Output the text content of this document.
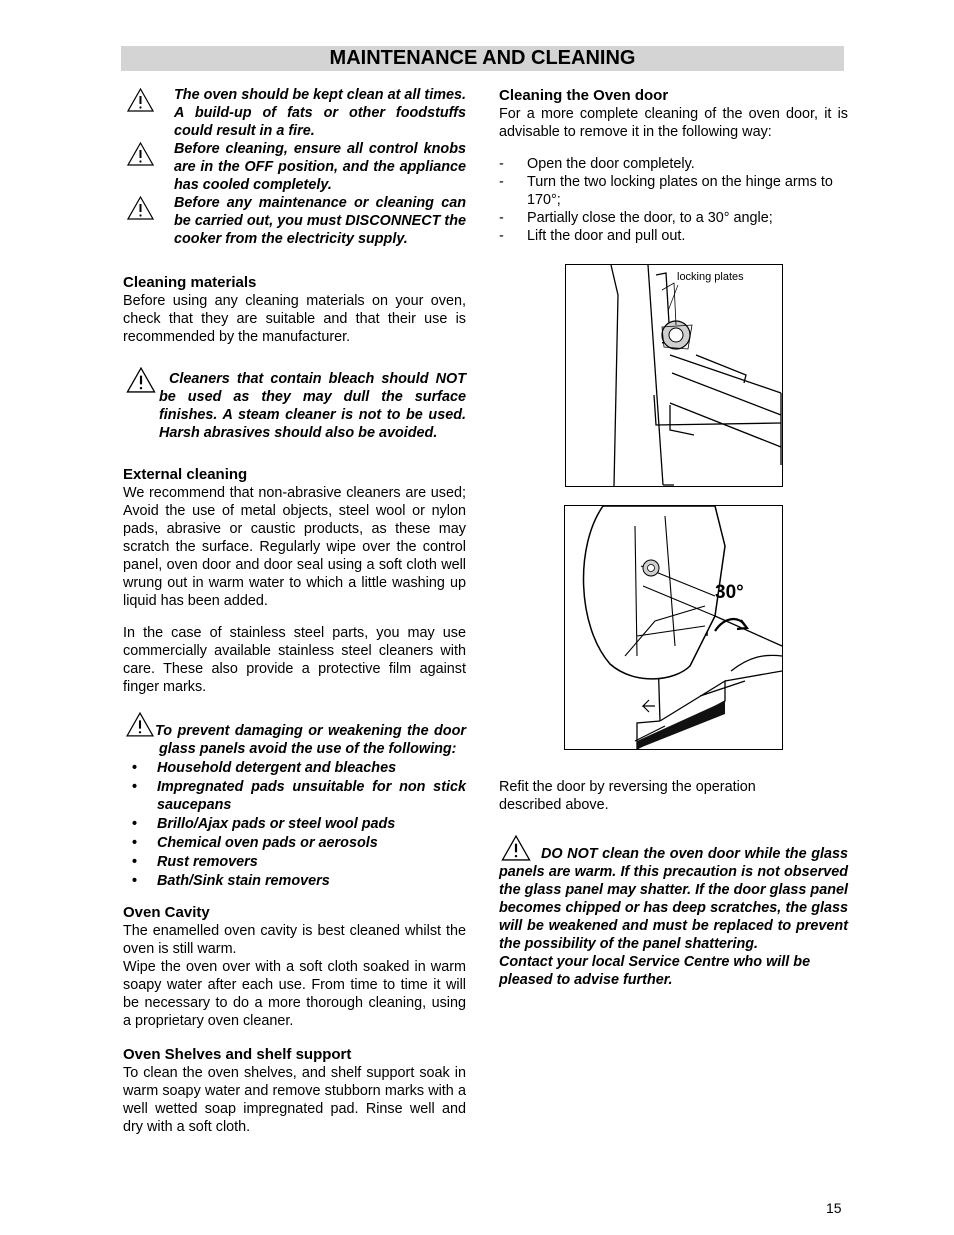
MAINTENANCE AND CLEANING

The oven should be kept clean at all times. A build-up of fats or other foodstuffs could result in a fire.

Before cleaning, ensure all control knobs are in the OFF position, and the appliance has cooled completely.

Before any maintenance or cleaning can be carried out, you must DISCONNECT the cooker from the electricity supply.

Cleaning materials

Before using any cleaning materials on your oven, check that they are suitable and that their use is recommended by the manufacturer.

Cleaners that contain bleach should NOT be used as they may dull the surface finishes. A steam cleaner is not to be used. Harsh abrasives should also be avoided.

External cleaning

We recommend that non-abrasive cleaners are used; Avoid the use of metal objects, steel wool or nylon pads, abrasive or caustic products, as these may scratch the surface. Regularly wipe over the control panel, oven door and door seal using a soft cloth well wrung out in warm water to which a little washing up liquid has been added.

In the case of stainless steel parts, you may use commercially available stainless steel cleaners with care. These also provide a protective film against finger marks.

To prevent damaging or weakening the door glass panels avoid the use of the following:

• Household detergent and bleaches
• Impregnated pads unsuitable for non stick saucepans
• Brillo/Ajax pads or steel wool pads
• Chemical oven pads or aerosols
• Rust removers
• Bath/Sink stain removers
Oven Cavity

The enamelled oven cavity is best cleaned whilst the oven is still warm.

Wipe the oven over with a soft cloth soaked in warm soapy water after each use. From time to time it will be necessary to do a more thorough cleaning, using a proprietary oven cleaner.

Oven Shelves and shelf support

To clean the oven shelves, and shelf support soak in warm soapy water and remove stubborn marks with a well wetted soap impregnated pad. Rinse well and dry with a soft cloth.

Cleaning the Oven door

For a more complete cleaning of the oven door, it is advisable to remove it in the following way:

- Open the door completely.
- Turn the two locking plates on the hinge arms to 170°;
- Partially close the door, to a 30° angle;
- Lift the door and pull out.
locking plates
30°

Refit the door by reversing the operation described above.

DO NOT clean the oven door while the glass panels are warm. If this precaution is not observed the glass panel may shatter. If the door glass panel becomes chipped or has deep scratches, the glass will be weakened and must be replaced to prevent the possibility of the panel shattering.

Contact your local Service Centre who will be pleased to advise further.

15
